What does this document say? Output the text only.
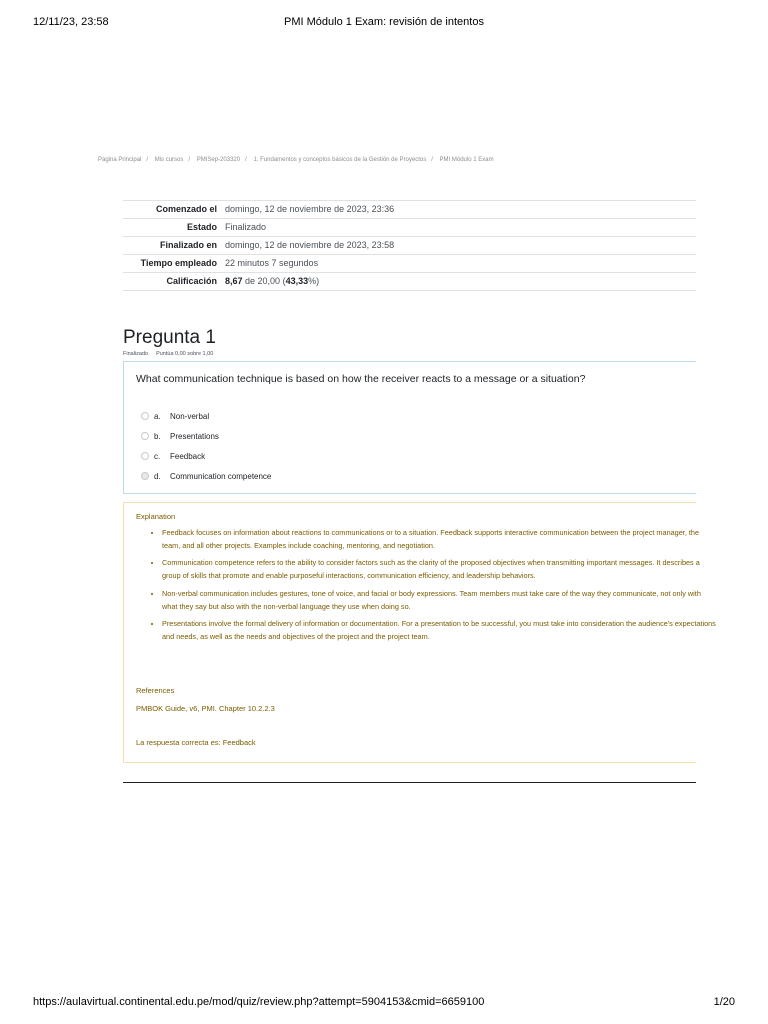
12/11/23, 23:58	PMI Módulo 1 Exam: revisión de intentos
Página Principal / Mis cursos / PMISep-203320 / 1. Fundamentos y conceptos básicos de la Gestión de Proyectos / PMI Módulo 1 Exam
Comenzado el	domingo, 12 de noviembre de 2023, 23:36
Estado	Finalizado
Finalizado en	domingo, 12 de noviembre de 2023, 23:58
Tiempo empleado	22 minutos 7 segundos
Calificación	8,67 de 20,00 (43,33%)
Pregunta 1
Finalizado Puntúa 0,00 sobre 1,00
What communication technique is based on how the receiver reacts to a message or a situation?
a.	Non-verbal
b.	Presentations
c.	Feedback
d.	Communication competence
Explanation
• Feedback focuses on information about reactions to communications or to a situation. Feedback supports interactive communication between the project manager, the team, and all other projects. Examples include coaching, mentoring, and negotiation.
• Communication competence refers to the ability to consider factors such as the clarity of the proposed objectives when transmitting important messages. It describes a group of skills that promote and enable purposeful interactions, communication efficiency, and leadership behaviors.
• Non-verbal communication includes gestures, tone of voice, and facial or body expressions. Team members must take care of the way they communicate, not only with what they say but also with the non-verbal language they use when doing so.
• Presentations involve the formal delivery of information or documentation. For a presentation to be successful, you must take into consideration the audience's expectations and needs, as well as the needs and objectives of the project and the project team.
References
PMBOK Guide, v6, PMI. Chapter 10.2.2.3
La respuesta correcta es: Feedback
https://aulavirtual.continental.edu.pe/mod/quiz/review.php?attempt=5904153&cmid=6659100	1/20
